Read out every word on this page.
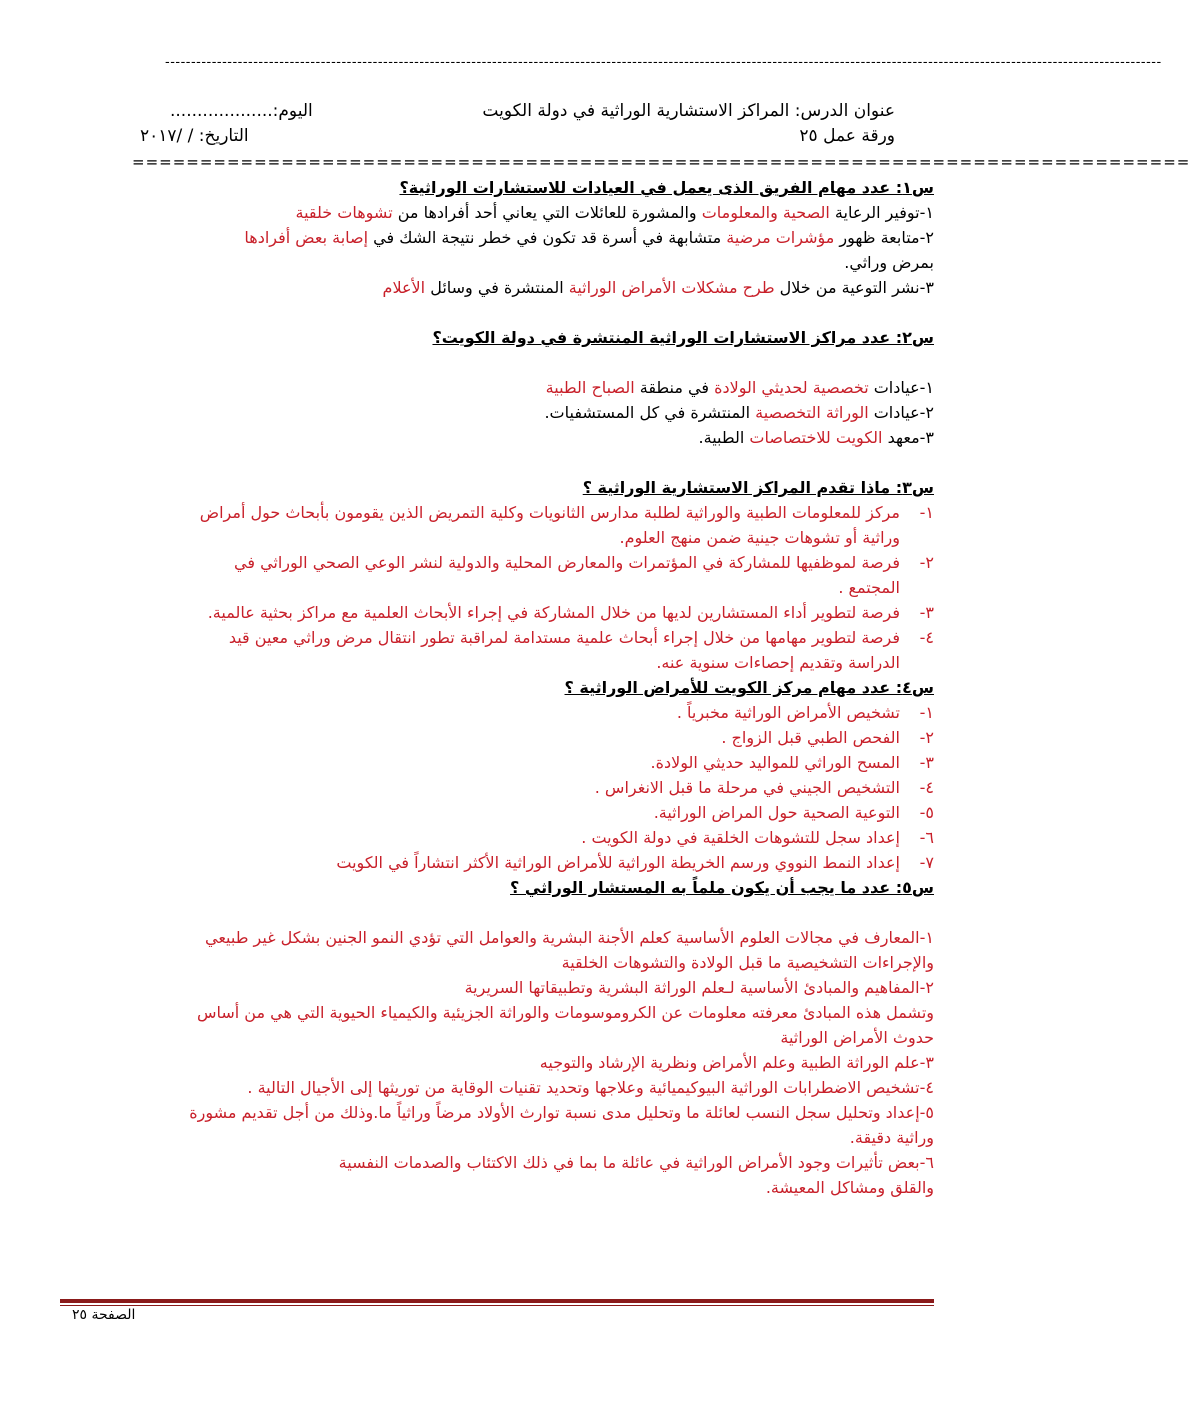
------------------------------------------------------------------------------------------------------------------------------------------------------------------------------------------------
عنوان الدرس: المراكز الاستشارية الوراثية في دولة الكويت
اليوم:...................
ورقة عمل ٢٥
التاريخ: / /٢٠١٧
==============================================================================
س١: عدد مهام الفريق الذى يعمل في العيادات للاستشارات الوراثية؟

١-توفير الرعاية الصحية والمعلومات والمشورة للعائلات التي يعاني أحد أفرادها من تشوهات خلقية

٢-متابعة ظهور مؤشرات مرضية متشابهة في أسرة قد تكون في خطر نتيجة الشك في إصابة بعض أفرادها

بمرض وراثي.

٣-نشر التوعية من خلال طرح مشكلات الأمراض الوراثية المنتشرة في وسائل الأعلام

س٢: عدد مراكز الاستشارات الوراثية المنتشرة في دولة الكويت؟

١-عيادات تخصصية لحديثي الولادة في منطقة الصباح الطبية

٢-عيادات الوراثة التخصصية المنتشرة في كل المستشفيات.

٣-معهد الكويت للاختصاصات الطبية.

س٣: ماذا تقدم المراكز الاستشارية الوراثية ؟

١-مركز للمعلومات الطبية والوراثية لطلبة مدارس الثانويات وكلية التمريض الذين يقومون بأبحاث حول أمراض

وراثية أو تشوهات جينية ضمن منهج العلوم.

٢-فرصة لموظفيها للمشاركة في المؤتمرات والمعارض المحلية والدولية لنشر الوعي الصحي الوراثي في

المجتمع .

٣-فرصة لتطوير أداء المستشارين لديها من خلال المشاركة في إجراء الأبحاث العلمية مع مراكز بحثية عالمية.

٤-فرصة لتطوير مهامها من خلال إجراء أبحاث علمية مستدامة لمراقبة تطور انتقال مرض وراثي معين قيد

الدراسة وتقديم إحصاءات سنوية عنه.

س٤: عدد مهام مركز الكويت للأمراض الوراثية ؟

١-تشخيص الأمراض الوراثية مخبرياً .

٢-الفحص الطبي قبل الزواج .

٣-المسح الوراثي للمواليد حديثي الولادة.

٤-التشخيص الجيني في مرحلة ما قبل الانغراس .

٥-التوعية الصحية حول المراض الوراثية.

٦-إعداد سجل للتشوهات الخلقية في دولة الكويت .

٧-إعداد النمط النووي ورسم الخريطة الوراثية للأمراض الوراثية الأكثر انتشاراً في الكويت

س٥: عدد ما يجب أن يكون ملماً به المستشار الوراثي ؟

١-المعارف في مجالات العلوم الأساسية كعلم الأجنة البشرية والعوامل التي تؤدي النمو الجنين بشكل غير طبيعي

والإجراءات التشخيصية ما قبل الولادة والتشوهات الخلقية

٢-المفاهيم والمبادئ الأساسية لـعلم الوراثة البشرية وتطبيقاتها السريرية

وتشمل هذه المبادئ معرفته معلومات عن الكروموسومات والوراثة الجزيئية والكيمياء الحيوية التي هي من أساس

حدوث الأمراض الوراثية

٣-علم الوراثة الطبية وعلم الأمراض ونظرية الإرشاد والتوجيه

٤-تشخيص الاضطرابات الوراثية البيوكيميائية وعلاجها وتحديد تقنيات الوقاية من توريثها إلى الأجيال التالية .

٥-إعداد وتحليل سجل النسب لعائلة ما وتحليل مدى نسبة توارث الأولاد مرضاً وراثياً ما.وذلك من أجل تقديم مشورة

وراثية دقيقة.

٦-بعض تأثيرات وجود الأمراض الوراثية في عائلة ما بما في ذلك الاكتئاب والصدمات النفسية

والقلق ومشاكل المعيشة.

الصفحة ٢٥
